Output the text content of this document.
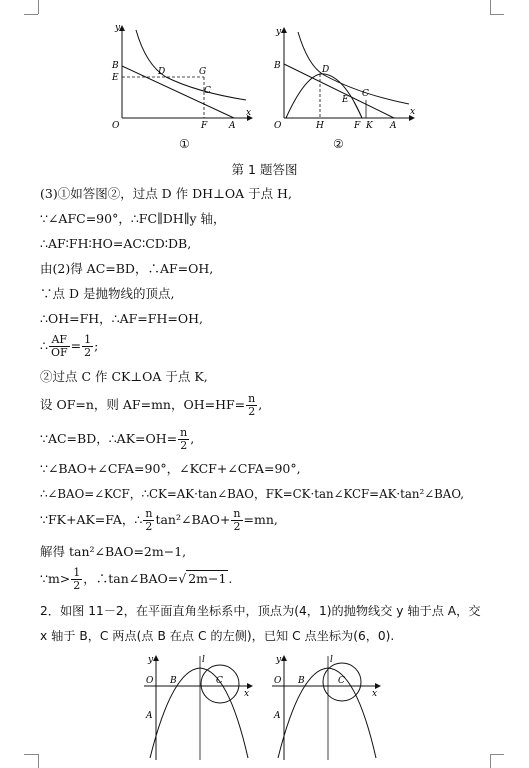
y
B
E
D	G
C
O	F A
x
y
B	D
E
C
O	H	F K A
x
①	②
第 1 题答图
(3)①如答图②，过点 D 作 DH⊥OA 于点 H,
∵∠AFC=90°，∴FC∥DH∥y 轴，
∴AF∶FH∶HO=AC∶CD∶DB,
由(2)得 AC=BD，∴AF=OH,
∵点 D 是抛物线的顶点,
∴OH=FH，∴AF=FH=OH,
∴ $\frac{AF}{OF} = \frac{1}{2}$ ;
②过点 C 作 CK⊥OA 于点 K,
设 OF=n，则 AF=mn，$OH=HF= \frac{n}{2}$ ,
∵AC=BD，∴AK=OH= $\frac{n}{2}$ ,
∵∠BAO+∠CFA=90°，∠KCF+∠CFA=90°,
∴∠BAO=∠KCF，∴CK=AK·tan∠BAO，FK=CK·tan∠KCF=AK·tan²∠BAO,
∵FK+AK=FA，∴ $\frac{n}{2}$ tan²∠BAO+ $\frac{n}{2} =mn$,
解得 tan²∠BAO=2m−1,
∵m> $\frac{1}{2}$ ，∴tan∠BAO=√ 2m−1 .
2．如图 11－2，在平面直角坐标系中，顶点为(4，1)的抛物线交 y 轴于点 A，交
x 轴于 B，C 两点(点 B 在点 C 的左侧)，已知 C 点坐标为(6，0).
y	l
O B	C
x
A
y	l
O B	C
x
A
